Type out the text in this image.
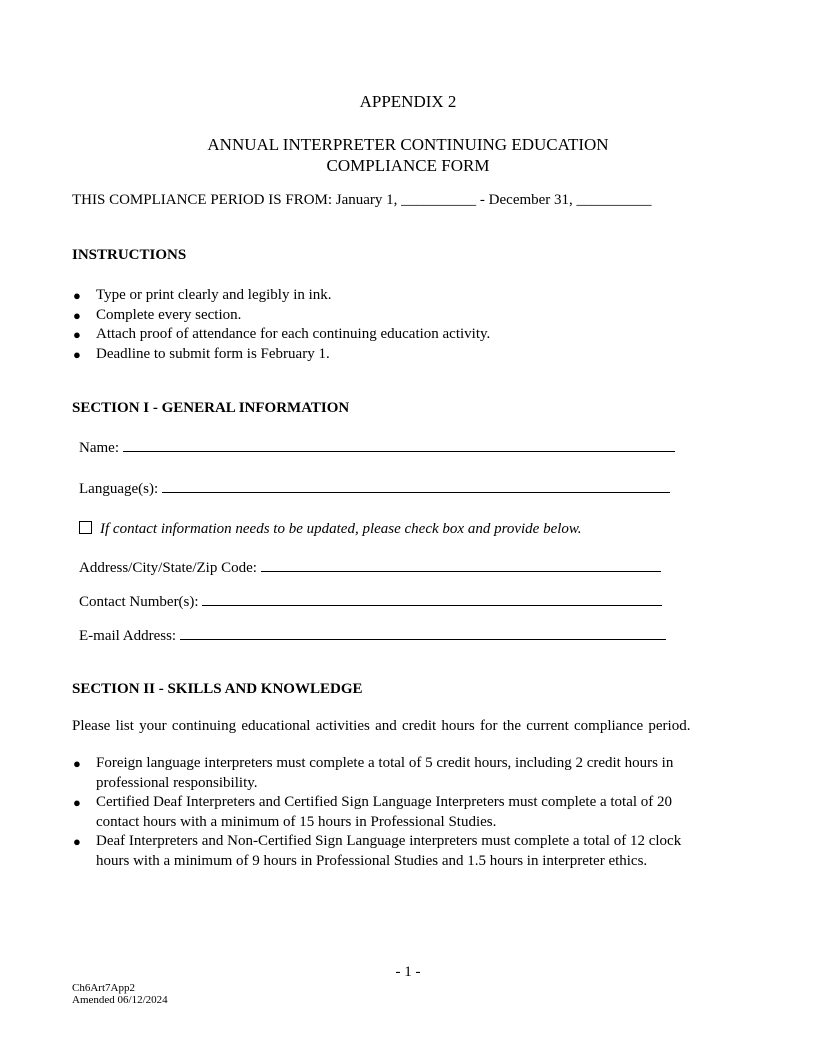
APPENDIX 2
ANNUAL INTERPRETER CONTINUING EDUCATION
COMPLIANCE FORM
THIS COMPLIANCE PERIOD IS FROM: January 1, __________ - December 31, __________
INSTRUCTIONS
● Type or print clearly and legibly in ink.
● Complete every section.
● Attach proof of attendance for each continuing education activity.
● Deadline to submit form is February 1.
SECTION I - GENERAL INFORMATION
Name:
Language(s):
If contact information needs to be updated, please check box and provide below.
Address/City/State/Zip Code:
Contact Number(s):
E-mail Address:
SECTION II - SKILLS AND KNOWLEDGE
Please list your continuing educational activities and credit hours for the current compliance period.
● Foreign language interpreters must complete a total of 5 credit hours, including 2 credit hours in
professional responsibility.
● Certified Deaf Interpreters and Certified Sign Language Interpreters must complete a total of 20
contact hours with a minimum of 15 hours in Professional Studies.
● Deaf Interpreters and Non-Certified Sign Language interpreters must complete a total of 12 clock
hours with a minimum of 9 hours in Professional Studies and 1.5 hours in interpreter ethics.
- 1 -
Ch6Art7App2
Amended 06/12/2024
